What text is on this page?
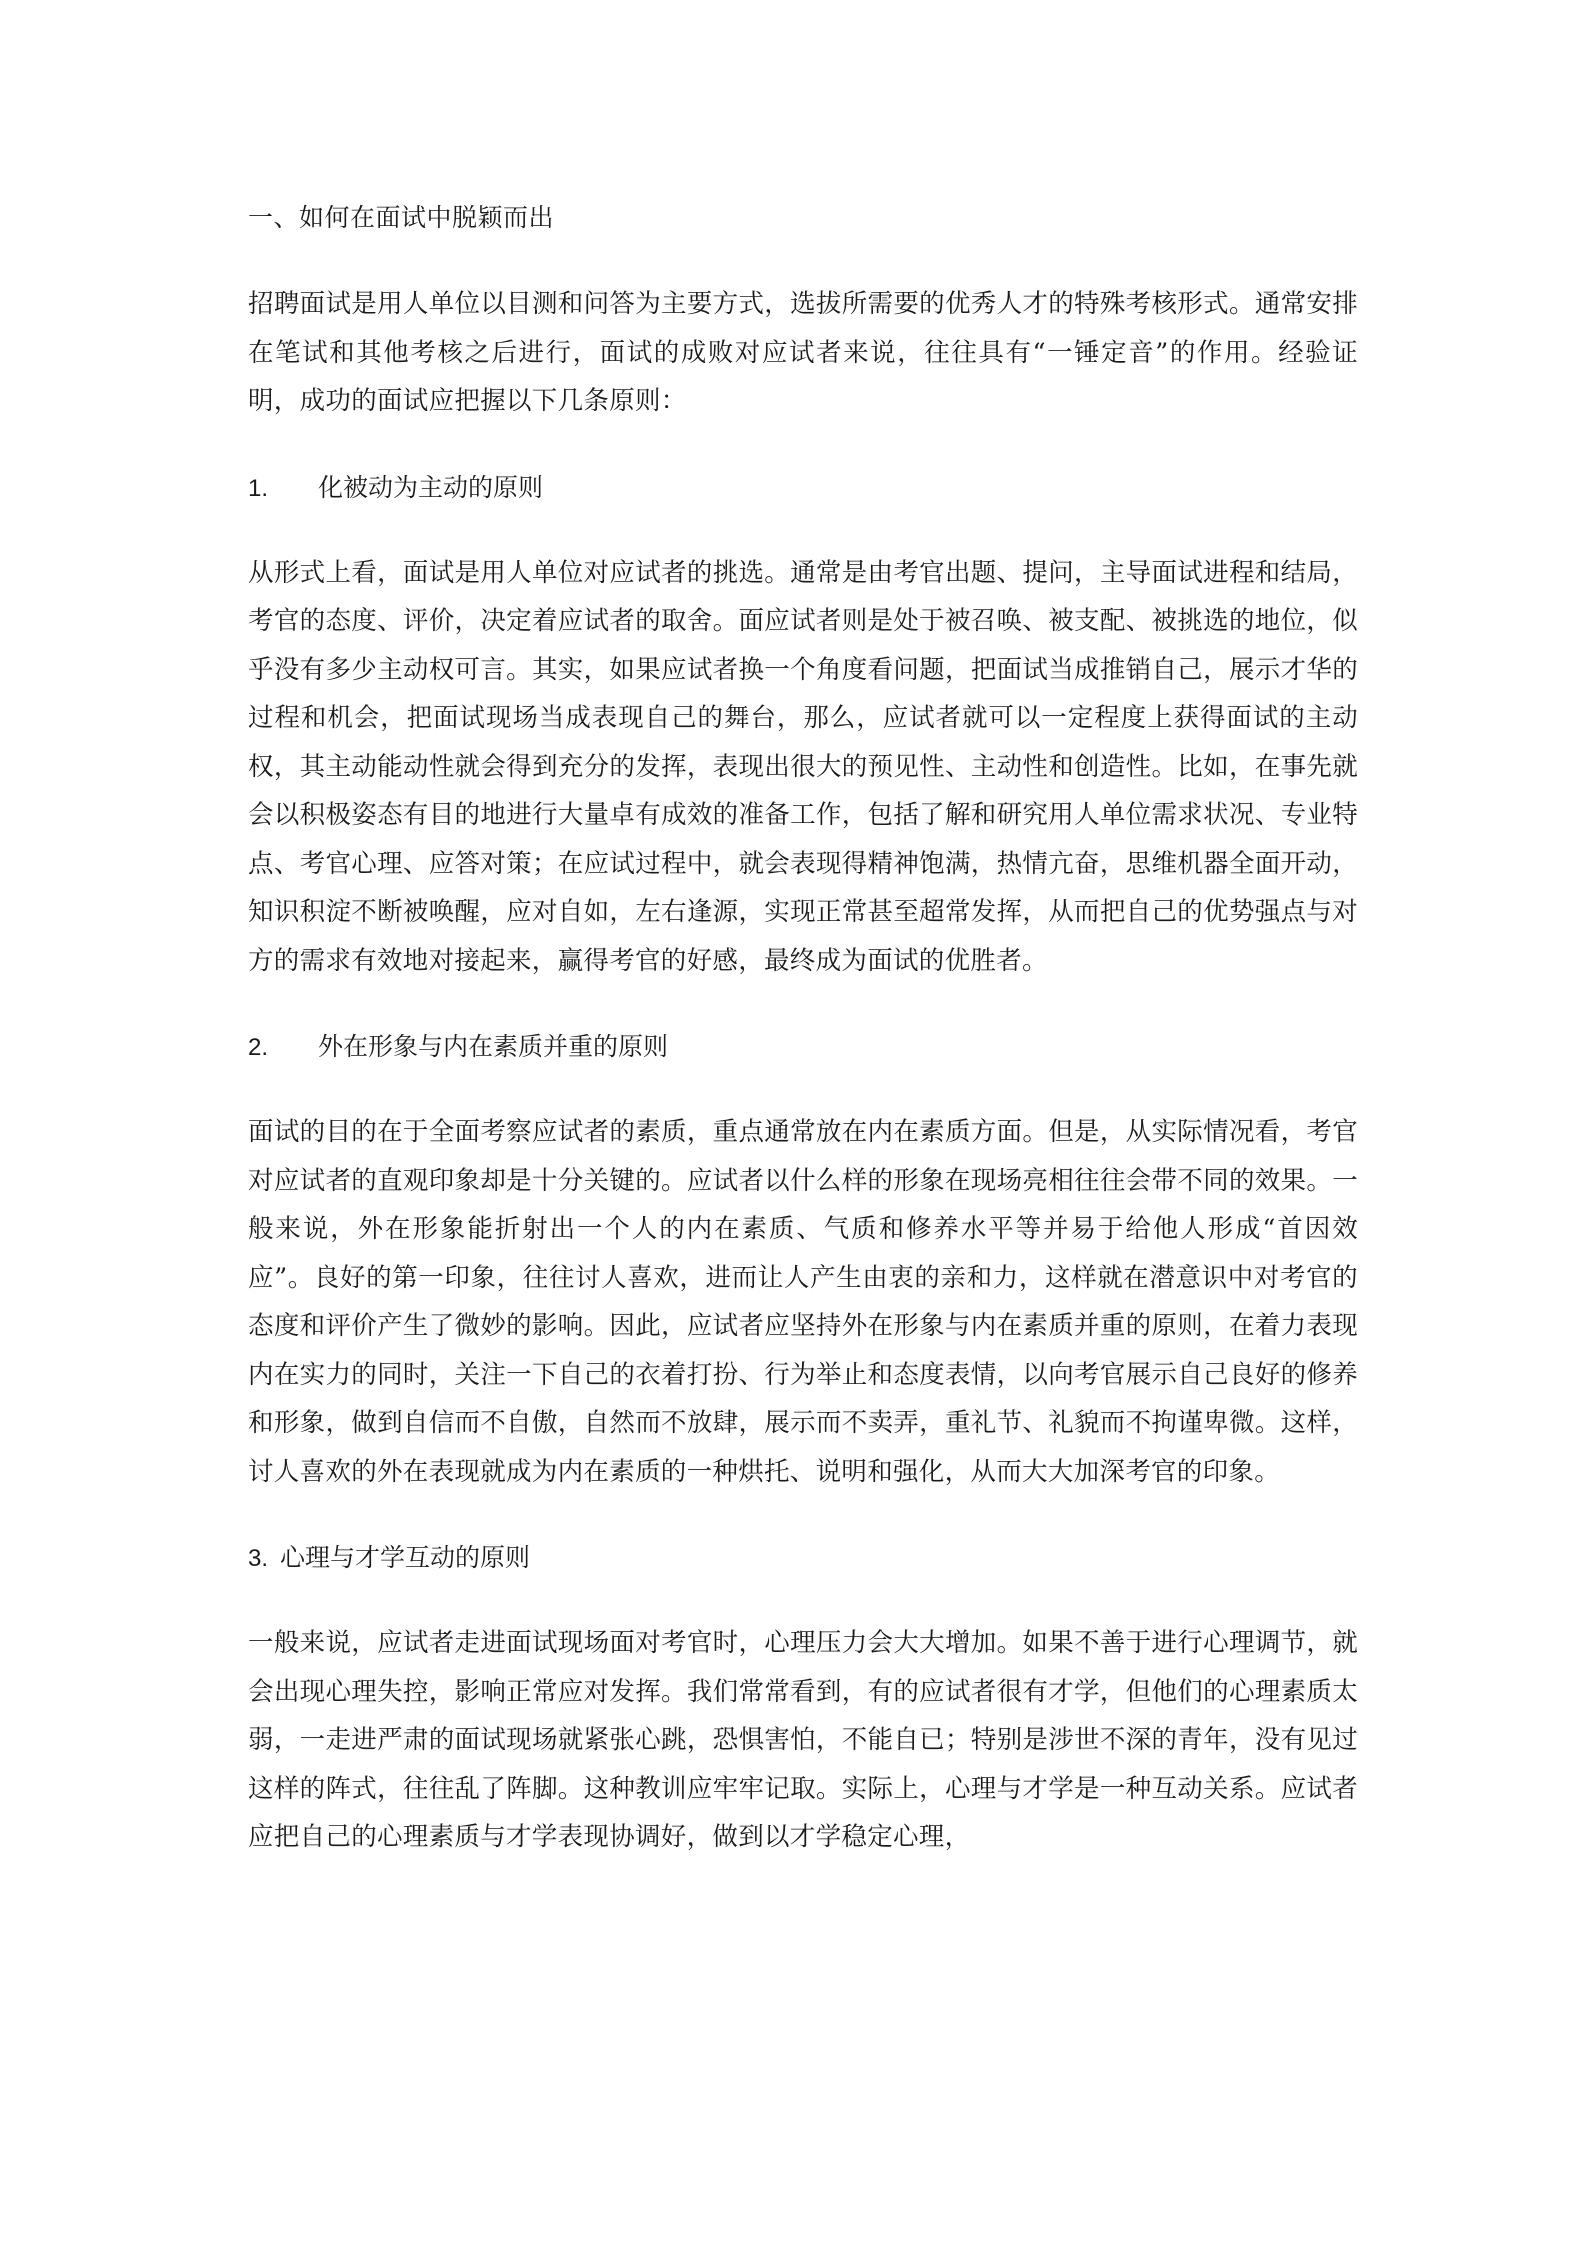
一、如何在面试中脱颖而出
招聘面试是用人单位以目测和问答为主要方式，选拔所需要的优秀人才的特殊考核形式。通常安排在笔试和其他考核之后进行，面试的成败对应试者来说，往往具有“一锤定音”的作用。经验证明，成功的面试应把握以下几条原则：
1.	化被动为主动的原则
从形式上看，面试是用人单位对应试者的挑选。通常是由考官出题、提问，主导面试进程和结局，考官的态度、评价，决定着应试者的取舍。面应试者则是处于被召唤、被支配、被挑选的地位，似乎没有多少主动权可言。其实，如果应试者换一个角度看问题，把面试当成推销自己，展示才华的过程和机会，把面试现场当成表现自己的舞台，那么，应试者就可以一定程度上获得面试的主动权，其主动能动性就会得到充分的发挥，表现出很大的预见性、主动性和创造性。比如，在事先就会以积极姿态有目的地进行大量卓有成效的准备工作，包括了解和研究用人单位需求状况、专业特点、考官心理、应答对策；在应试过程中，就会表现得精神饱满，热情亢奋，思维机器全面开动，知识积淀不断被唤醒，应对自如，左右逢源，实现正常甚至超常发挥，从而把自己的优势强点与对方的需求有效地对接起来，赢得考官的好感，最终成为面试的优胜者。
2.	外在形象与内在素质并重的原则
面试的目的在于全面考察应试者的素质，重点通常放在内在素质方面。但是，从实际情况看，考官对应试者的直观印象却是十分关键的。应试者以什么样的形象在现场亮相往往会带不同的效果。一般来说，外在形象能折射出一个人的内在素质、气质和修养水平等并易于给他人形成“首因效应”。良好的第一印象，往往讨人喜欢，进而让人产生由衷的亲和力，这样就在潜意识中对考官的态度和评价产生了微妙的影响。因此，应试者应坚持外在形象与内在素质并重的原则，在着力表现内在实力的同时，关注一下自己的衣着打扮、行为举止和态度表情，以向考官展示自己良好的修养和形象，做到自信而不自傲，自然而不放肆，展示而不卖弄，重礼节、礼貌而不拘谨卑微。这样，讨人喜欢的外在表现就成为内在素质的一种烘托、说明和强化，从而大大加深考官的印象。
3. 心理与才学互动的原则
一般来说，应试者走进面试现场面对考官时，心理压力会大大增加。如果不善于进行心理调节，就会出现心理失控，影响正常应对发挥。我们常常看到，有的应试者很有才学，但他们的心理素质太弱，一走进严肃的面试现场就紧张心跳，恐惧害怕，不能自已；特别是涉世不深的青年，没有见过这样的阵式，往往乱了阵脚。这种教训应牢牢记取。实际上，心理与才学是一种互动关系。应试者应把自己的心理素质与才学表现协调好，做到以才学稳定心理，
